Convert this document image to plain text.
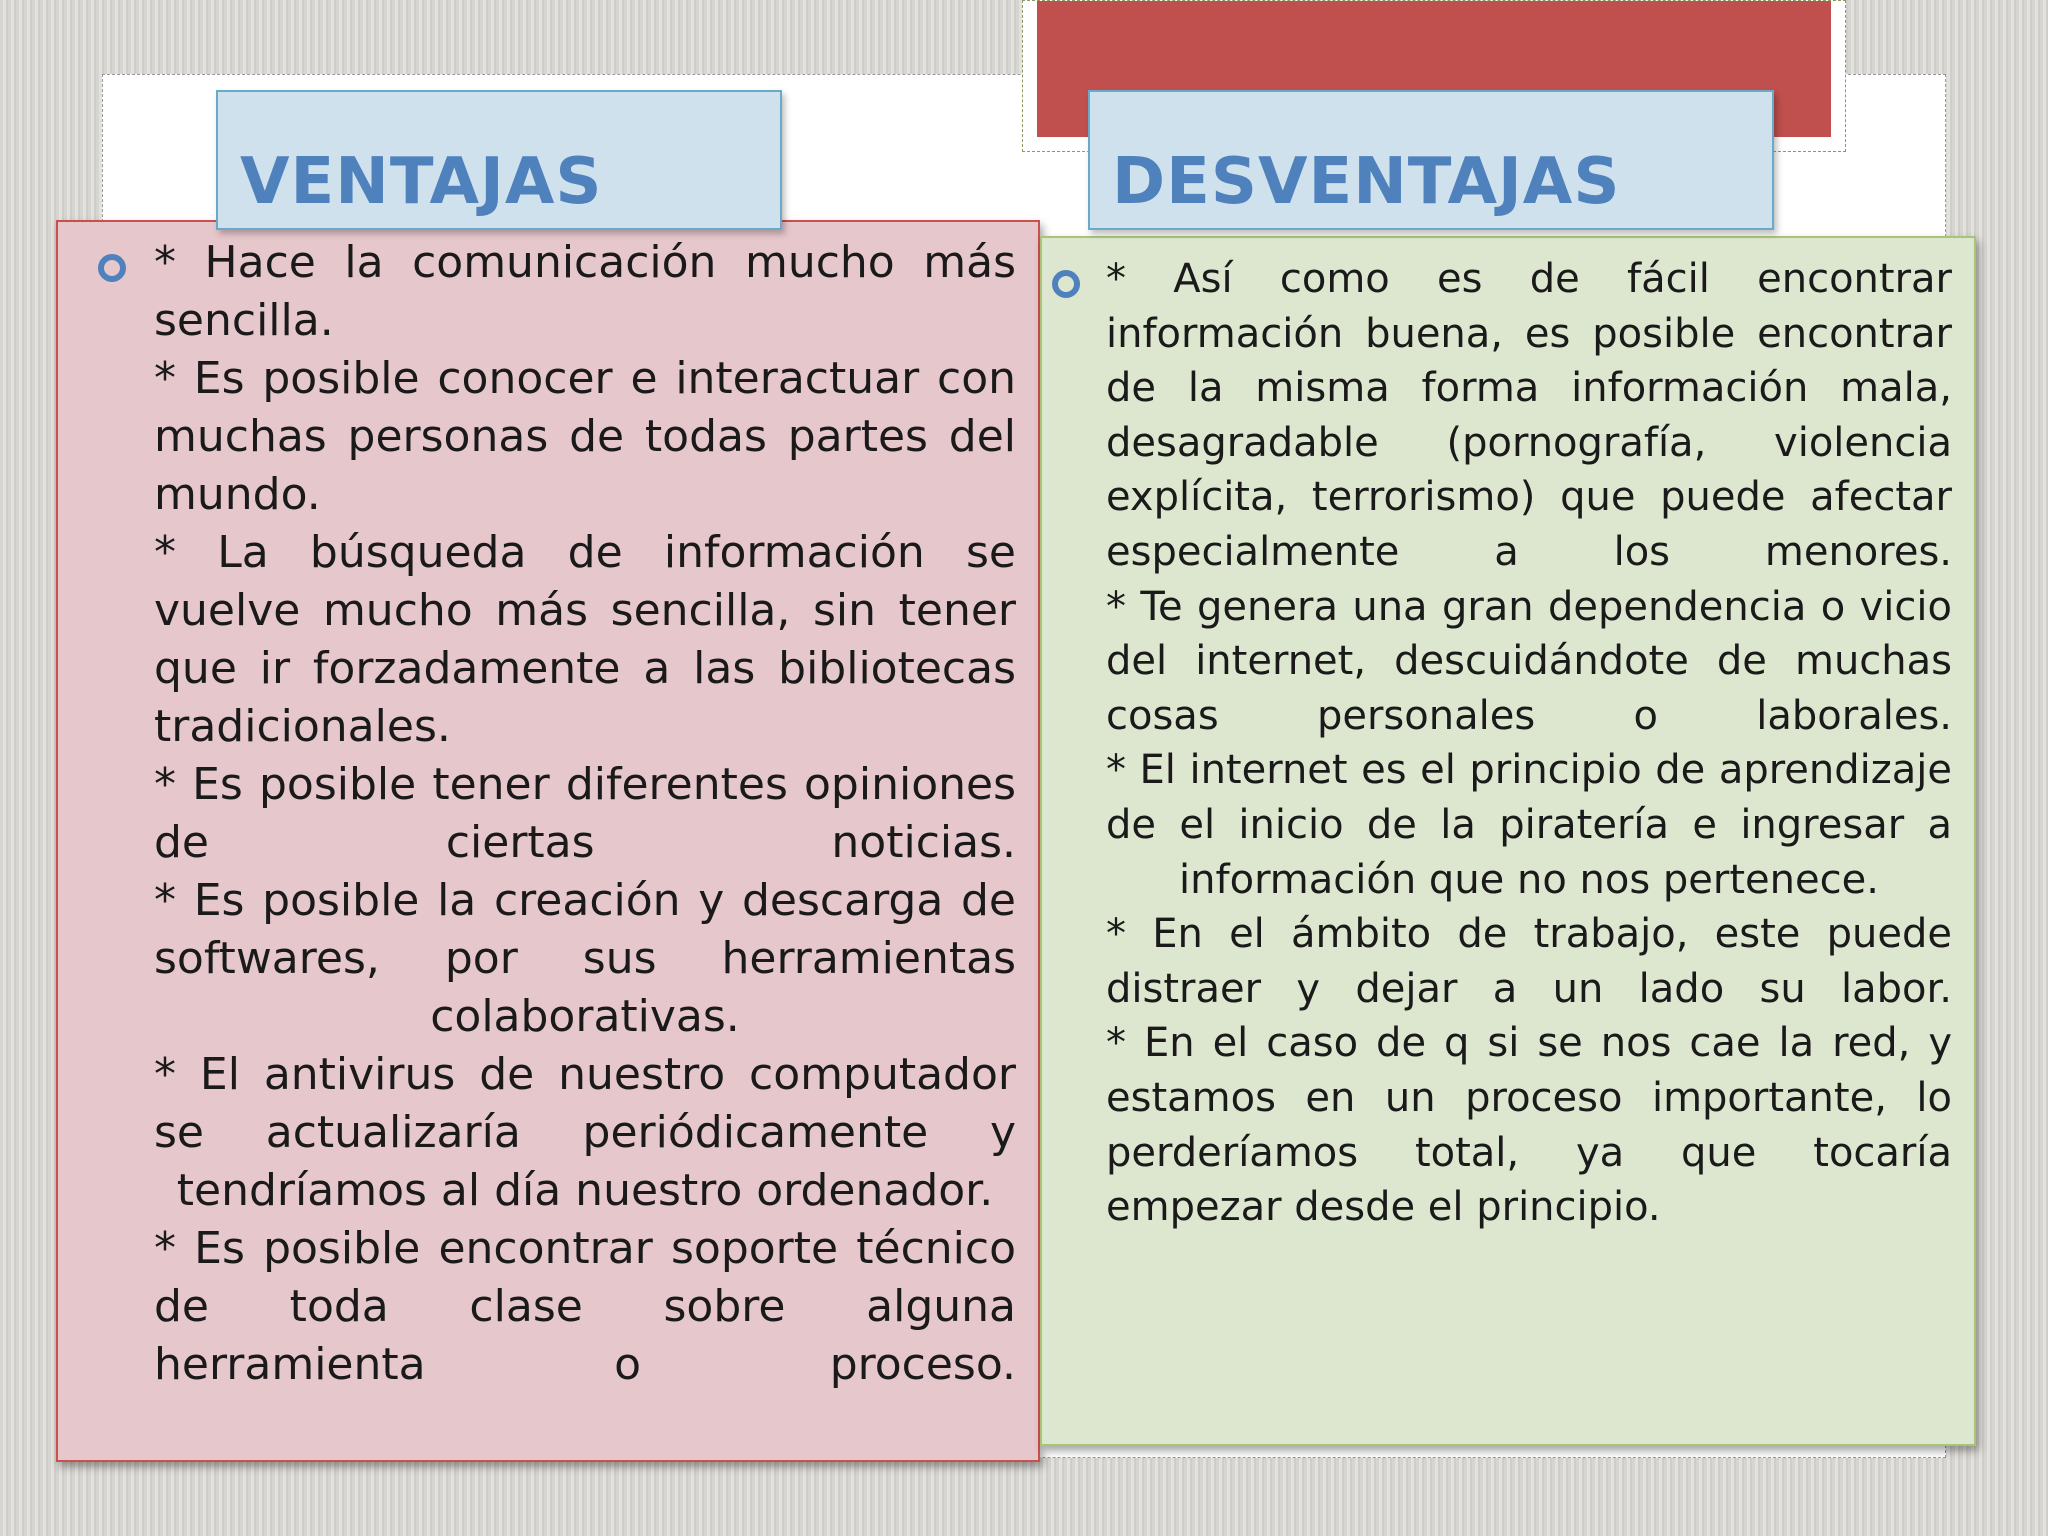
* Hace la comunicación mucho más sencilla.
* Es posible conocer e interactuar con muchas personas de todas partes del mundo.
* La búsqueda de información se vuelve mucho más sencilla, sin tener que ir forzadamente a las bibliotecas tradicionales.
* Es posible tener diferentes opiniones de ciertas noticias.
* Es posible la creación y descarga de softwares, por sus herramientas colaborativas.
* El antivirus de nuestro computador se actualizaría periódicamente y tendríamos al día nuestro ordenador.
* Es posible encontrar soporte técnico de toda clase sobre alguna herramienta o proceso.
* Así como es de fácil encontrar información buena, es posible encontrar de la misma forma información mala, desagradable (pornografía, violencia explícita, terrorismo) que puede afectar especialmente a los menores.
* Te genera una gran dependencia o vicio del internet, descuidándote de muchas cosas personales o laborales.
* El internet es el principio de aprendizaje de el inicio de la piratería e ingresar a información que no nos pertenece.
* En el ámbito de trabajo, este puede distraer y dejar a un lado su labor.
* En el caso de q si se nos cae la red, y estamos en un proceso importante, lo perderíamos total, ya que tocaría empezar desde el principio.
VENTAJAS	DESVENTAJAS
